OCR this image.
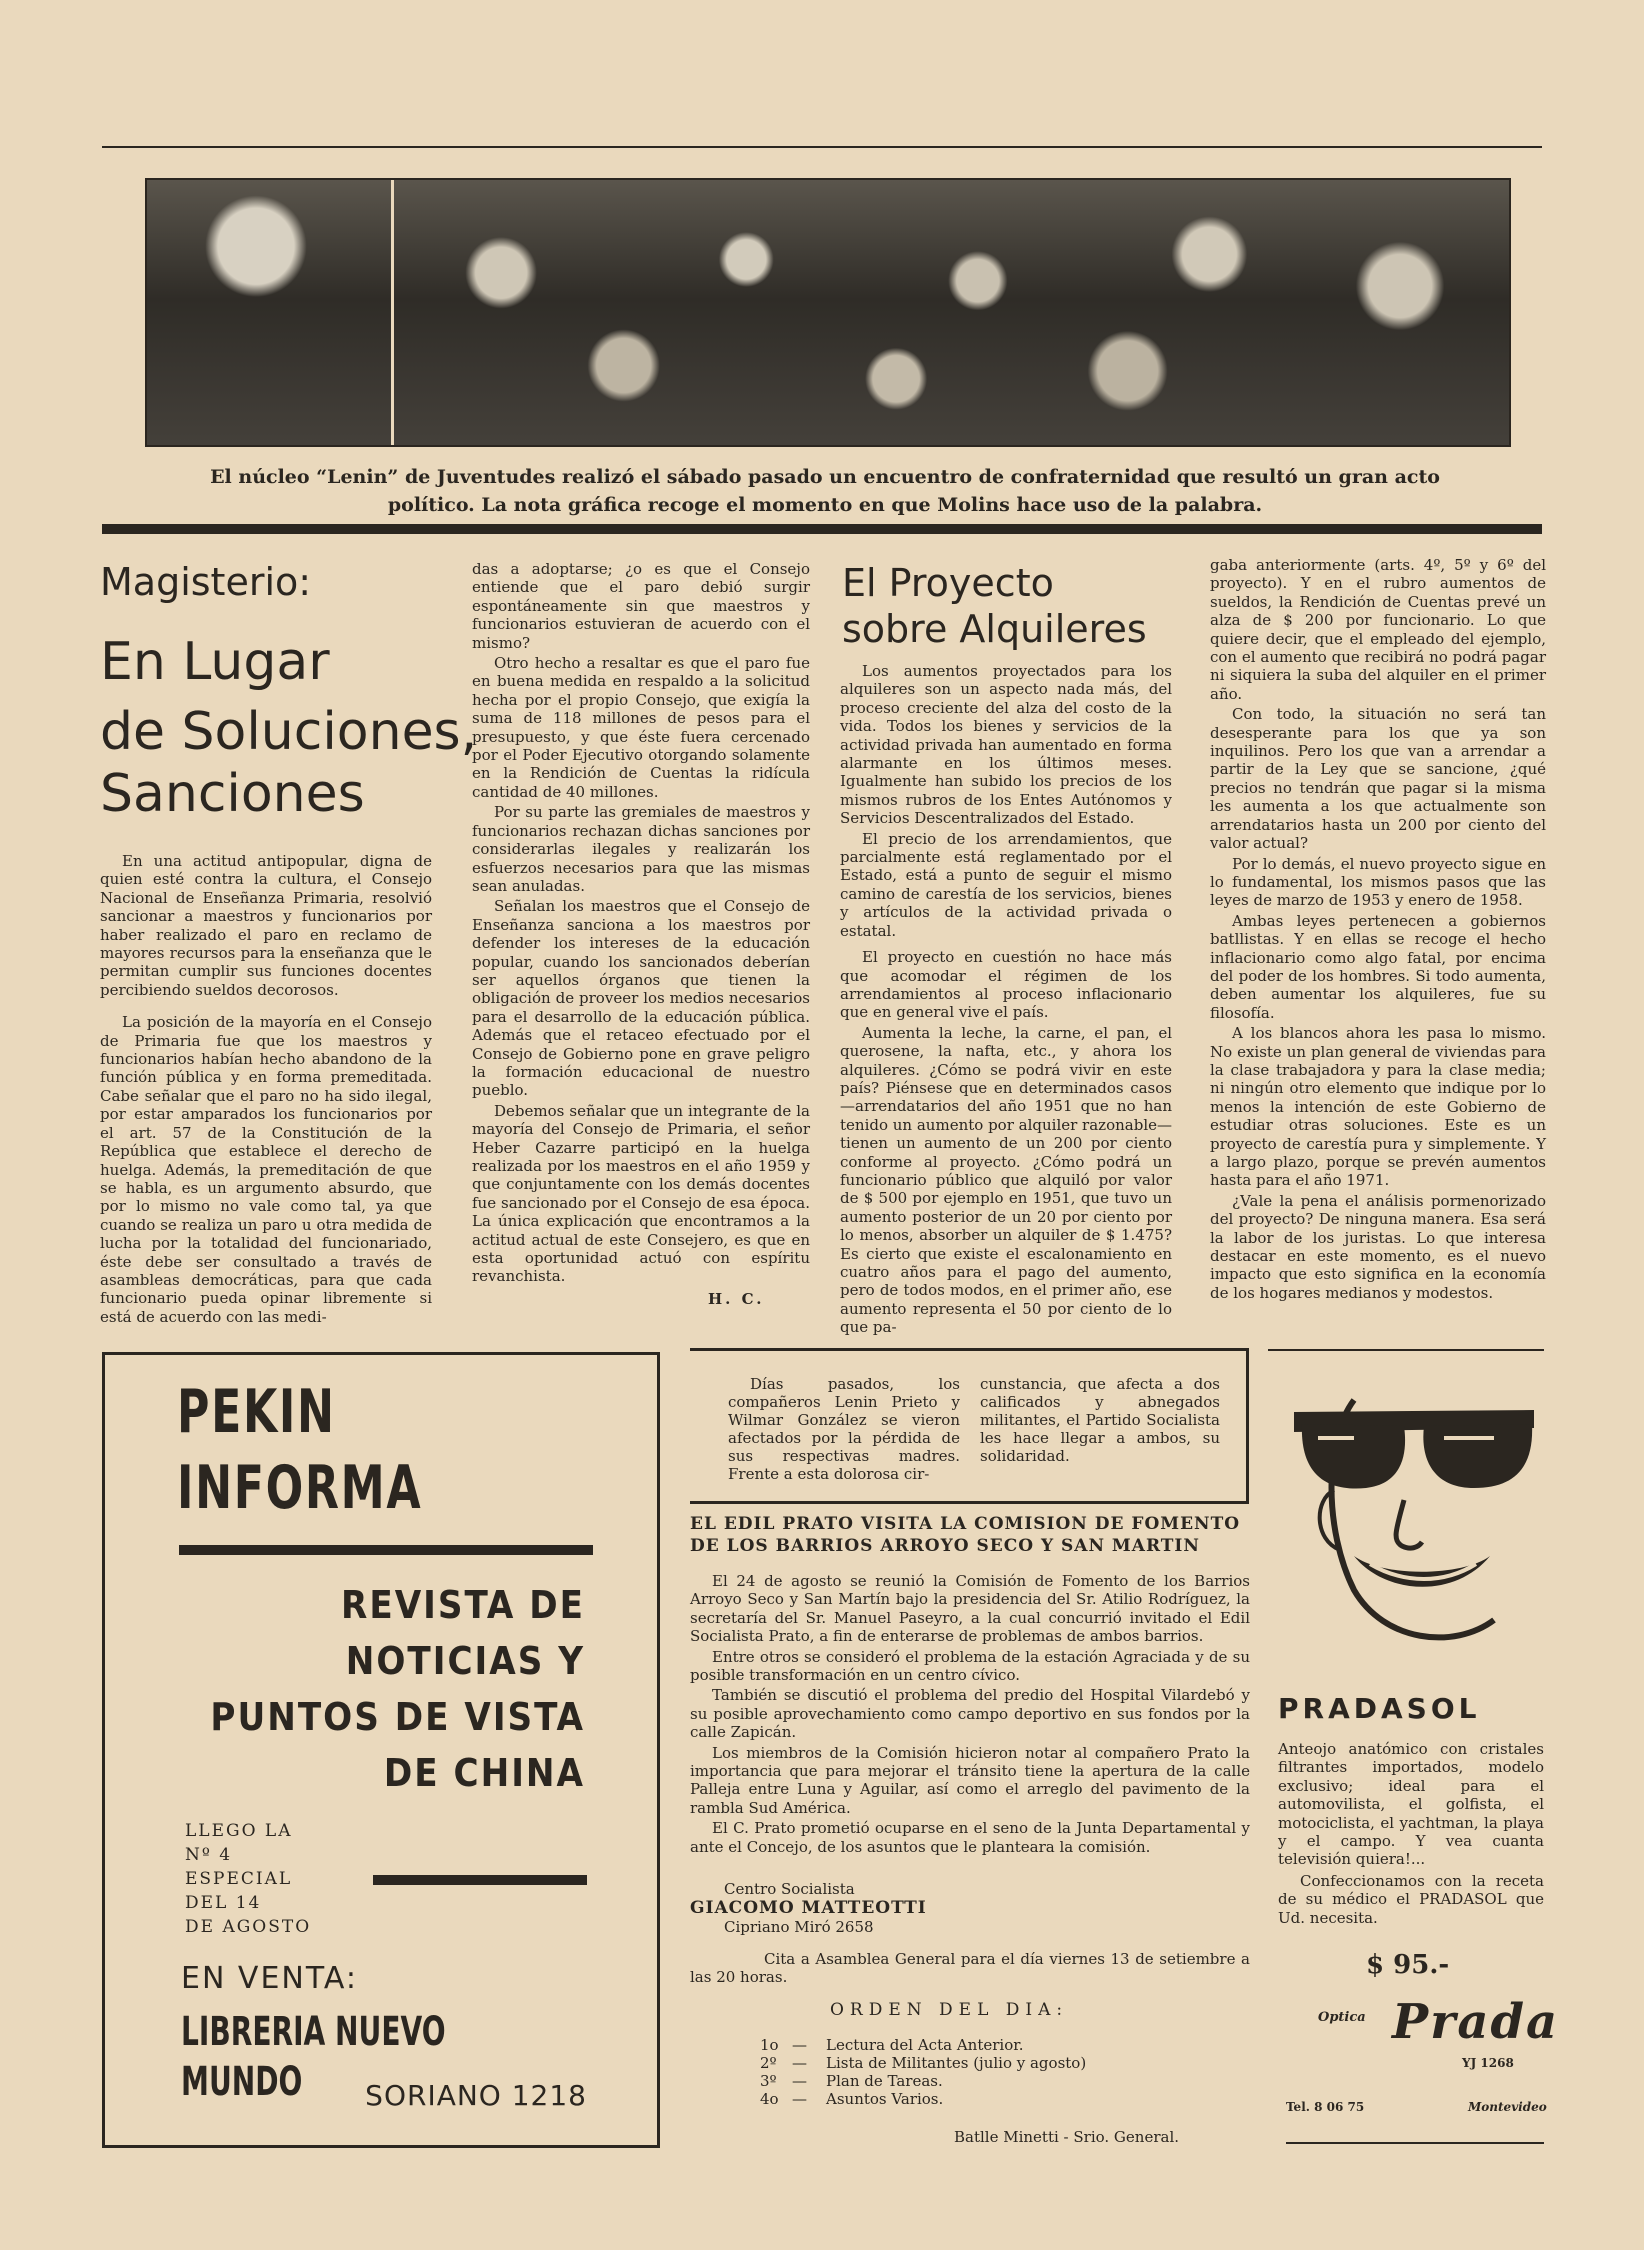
El núcleo “Lenin” de Juventudes realizó el sábado pasado un encuentro de confraternidad que resultó un gran acto político. La nota gráfica recoge el momento en que Molins hace uso de la palabra.
Magisterio:
En Lugar
de Soluciones,
Sanciones

En una actitud antipopular, digna de quien esté contra la cultura, el Consejo Nacional de Enseñanza Primaria, resolvió sancionar a maestros y funcionarios por haber realizado el paro en reclamo de mayores recursos para la enseñanza que le permitan cumplir sus funciones docentes percibiendo sueldos decorosos.

La posición de la mayoría en el Consejo de Primaria fue que los maestros y funcionarios habían hecho abandono de la función pública y en forma premeditada. Cabe señalar que el paro no ha sido ilegal, por estar amparados los funcionarios por el art. 57 de la Constitución de la República que establece el derecho de huelga. Además, la premeditación de que se habla, es un argumento absurdo, que por lo mismo no vale como tal, ya que cuando se realiza un paro u otra medida de lucha por la totalidad del funcionariado, éste debe ser consultado a través de asambleas democráticas, para que cada funcionario pueda opinar libremente si está de acuerdo con las medi-

das a adoptarse; ¿o es que el Consejo entiende que el paro debió surgir espontáneamente sin que maestros y funcionarios estuvieran de acuerdo con el mismo?

Otro hecho a resaltar es que el paro fue en buena medida en respaldo a la solicitud hecha por el propio Consejo, que exigía la suma de 118 millones de pesos para el presupuesto, y que éste fuera cercenado por el Poder Ejecutivo otorgando solamente en la Rendición de Cuentas la ridícula cantidad de 40 millones.

Por su parte las gremiales de maestros y funcionarios rechazan dichas sanciones por considerarlas ilegales y realizarán los esfuerzos necesarios para que las mismas sean anuladas.

Señalan los maestros que el Consejo de Enseñanza sanciona a los maestros por defender los intereses de la educación popular, cuando los sancionados deberían ser aquellos órganos que tienen la obligación de proveer los medios necesarios para el desarrollo de la educación pública. Además que el retaceo efectuado por el Consejo de Gobierno pone en grave peligro la formación educacional de nuestro pueblo.

Debemos señalar que un integrante de la mayoría del Consejo de Primaria, el señor Heber Cazarre participó en la huelga realizada por los maestros en el año 1959 y que conjuntamente con los demás docentes fue sancionado por el Consejo de esa época. La única explicación que encontramos a la actitud actual de este Consejero, es que en esta oportunidad actuó con espíritu revanchista.

H. C.
El Proyecto
sobre Alquileres

Los aumentos proyectados para los alquileres son un aspecto nada más, del proceso creciente del alza del costo de la vida. Todos los bienes y servicios de la actividad privada han aumentado en forma alarmante en los últimos meses. Igualmente han subido los precios de los mismos rubros de los Entes Autónomos y Servicios Descentralizados del Estado.

El precio de los arrendamientos, que parcialmente está reglamentado por el Estado, está a punto de seguir el mismo camino de carestía de los servicios, bienes y artículos de la actividad privada o estatal.

El proyecto en cuestión no hace más que acomodar el régimen de los arrendamientos al proceso inflacionario que en general vive el país.

Aumenta la leche, la carne, el pan, el querosene, la nafta, etc., y ahora los alquileres. ¿Cómo se podrá vivir en este país? Piénsese que en determinados casos —arrendatarios del año 1951 que no han tenido un aumento por alquiler razonable— tienen un aumento de un 200 por ciento conforme al proyecto. ¿Cómo podrá un funcionario público que alquiló por valor de $ 500 por ejemplo en 1951, que tuvo un aumento posterior de un 20 por ciento por lo menos, absorber un alquiler de $ 1.475? Es cierto que existe el escalonamiento en cuatro años para el pago del aumento, pero de todos modos, en el primer año, ese aumento representa el 50 por ciento de lo que pa-

gaba anteriormente (arts. 4º, 5º y 6º del proyecto). Y en el rubro aumentos de sueldos, la Rendición de Cuentas prevé un alza de $ 200 por funcionario. Lo que quiere decir, que el empleado del ejemplo, con el aumento que recibirá no podrá pagar ni siquiera la suba del alquiler en el primer año.

Con todo, la situación no será tan desesperante para los que ya son inquilinos. Pero los que van a arrendar a partir de la Ley que se sancione, ¿qué precios no tendrán que pagar si la misma les aumenta a los que actualmente son arrendatarios hasta un 200 por ciento del valor actual?

Por lo demás, el nuevo proyecto sigue en lo fundamental, los mismos pasos que las leyes de marzo de 1953 y enero de 1958.

Ambas leyes pertenecen a gobiernos batllistas. Y en ellas se recoge el hecho inflacionario como algo fatal, por encima del poder de los hombres. Si todo aumenta, deben aumentar los alquileres, fue su filosofía.

A los blancos ahora les pasa lo mismo. No existe un plan general de viviendas para la clase trabajadora y para la clase media; ni ningún otro elemento que indique por lo menos la intención de este Gobierno de estudiar otras soluciones. Este es un proyecto de carestía pura y simplemente. Y a largo plazo, porque se prevén aumentos hasta para el año 1971.

¿Vale la pena el análisis pormenorizado del proyecto? De ninguna manera. Esa será la labor de los juristas. Lo que interesa destacar en este momento, es el nuevo impacto que esto significa en la economía de los hogares medianos y modestos.

PEKIN
INFORMA
REVISTA DE
NOTICIAS Y
PUNTOS DE VISTA
DE CHINA
LLEGO LA
Nº 4
ESPECIAL
DEL 14
DE AGOSTO
EN VENTA:
LIBRERIA NUEVO MUNDO	SORIANO 1218
Días pasados, los compañeros Lenin Prieto y Wilmar González se vieron afectados por la pérdida de sus respectivas madres. Frente a esta dolorosa cir-
cunstancia, que afecta a dos calificados y abnegados militantes, el Partido Socialista les hace llegar a ambos, su solidaridad.
EL EDIL PRATO VISITA LA COMISION DE FOMENTO
DE LOS BARRIOS ARROYO SECO Y SAN MARTIN

El 24 de agosto se reunió la Comisión de Fomento de los Barrios Arroyo Seco y San Martín bajo la presidencia del Sr. Atilio Rodríguez, la secretaría del Sr. Manuel Paseyro, a la cual concurrió invitado el Edil Socialista Prato, a fin de enterarse de problemas de ambos barrios.

Entre otros se consideró el problema de la estación Agraciada y de su posible transformación en un centro cívico.

También se discutió el problema del predio del Hospital Vilardebó y su posible aprovechamiento como campo deportivo en sus fondos por la calle Zapicán.

Los miembros de la Comisión hicieron notar al compañero Prato la importancia que para mejorar el tránsito tiene la apertura de la calle Palleja entre Luna y Aguilar, así como el arreglo del pavimento de la rambla Sud América.

El C. Prato prometió ocuparse en el seno de la Junta Departamental y ante el Concejo, de los asuntos que le planteara la comisión.

Centro Socialista
GIACOMO MATTEOTTI
Cipriano Miró 2658
Cita a Asamblea General para el día viernes 13 de setiembre a las 20 horas.
ORDEN DEL DIA:
1o — Lectura del Acta Anterior.
2º — Lista de Militantes (julio y agosto)
3º — Plan de Tareas.
4o — Asuntos Varios.
Batlle Minetti - Srio. General.
PRADASOL
Anteojo anatómico con cristales filtrantes importados, modelo exclusivo; ideal para el automovilista, el golfista, el motociclista, el yachtman, la playa y el campo. Y vea cuanta televisión quiera!...
Confeccionamos con la receta de su médico el PRADASOL que Ud. necesita.
$ 95.-
Optica Prada
YJ 1268
Tel. 8 06 75	Montevideo
